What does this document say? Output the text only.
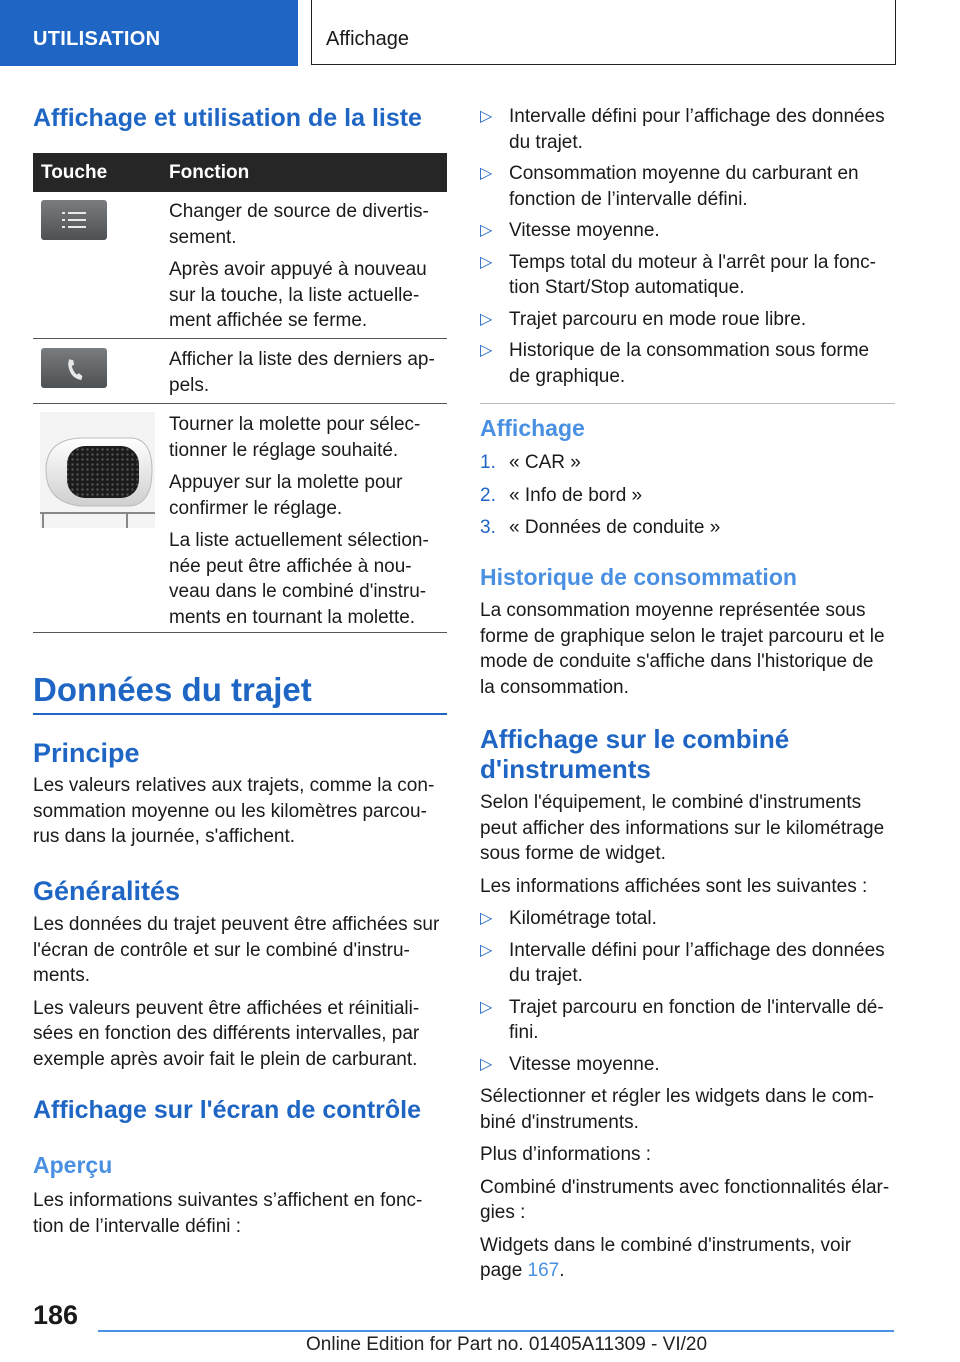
UTILISATION	Affichage
Affichage et utilisation de la liste
Touche	Fonction

Changer de source de divertis-

sement.

Après avoir appuyé à nouveau

sur la touche, la liste actuelle-

ment affichée se ferme.

Afficher la liste des derniers ap-

pels.

Tourner la molette pour sélec-

tionner le réglage souhaité.

Appuyer sur la molette pour

confirmer le réglage.

La liste actuellement sélection-

née peut être affichée à nou-

veau dans le combiné d'instru-

ments en tournant la molette.

Données du trajet
Principe

Les valeurs relatives aux trajets, comme la con-

sommation moyenne ou les kilomètres parcou-

rus dans la journée, s'affichent.

Généralités

Les données du trajet peuvent être affichées sur

l'écran de contrôle et sur le combiné d'instru-

ments.

Les valeurs peuvent être affichées et réinitiali-

sées en fonction des différents intervalles, par

exemple après avoir fait le plein de carburant.

Affichage sur l'écran de contrôle
Aperçu

Les informations suivantes s’affichent en fonc-

tion de l’intervalle défini :

▷ Intervalle défini pour l’affichage des données

du trajet.

▷ Consommation moyenne du carburant en

fonction de l’intervalle défini.

▷ Vitesse moyenne.

▷ Temps total du moteur à l'arrêt pour la fonc-

tion Start/Stop automatique.

▷ Trajet parcouru en mode roue libre.

▷ Historique de la consommation sous forme

de graphique.

Affichage
1. « CAR »

2. « Info de bord »

3. « Données de conduite »

Historique de consommation

La consommation moyenne représentée sous

forme de graphique selon le trajet parcouru et le

mode de conduite s'affiche dans l'historique de

la consommation.

Affichage sur le combiné
d'instruments

Selon l'équipement, le combiné d'instruments

peut afficher des informations sur le kilométrage

sous forme de widget.

Les informations affichées sont les suivantes :

▷ Kilométrage total.

▷ Intervalle défini pour l’affichage des données

du trajet.

▷ Trajet parcouru en fonction de l'intervalle dé-

fini.

▷ Vitesse moyenne.

Sélectionner et régler les widgets dans le com-

biné d'instruments.

Plus d’informations :

Combiné d'instruments avec fonctionnalités élar-

gies :

Widgets dans le combiné d'instruments, voir

page 167.

186
Online Edition for Part no. 01405A11309 - VI/20
